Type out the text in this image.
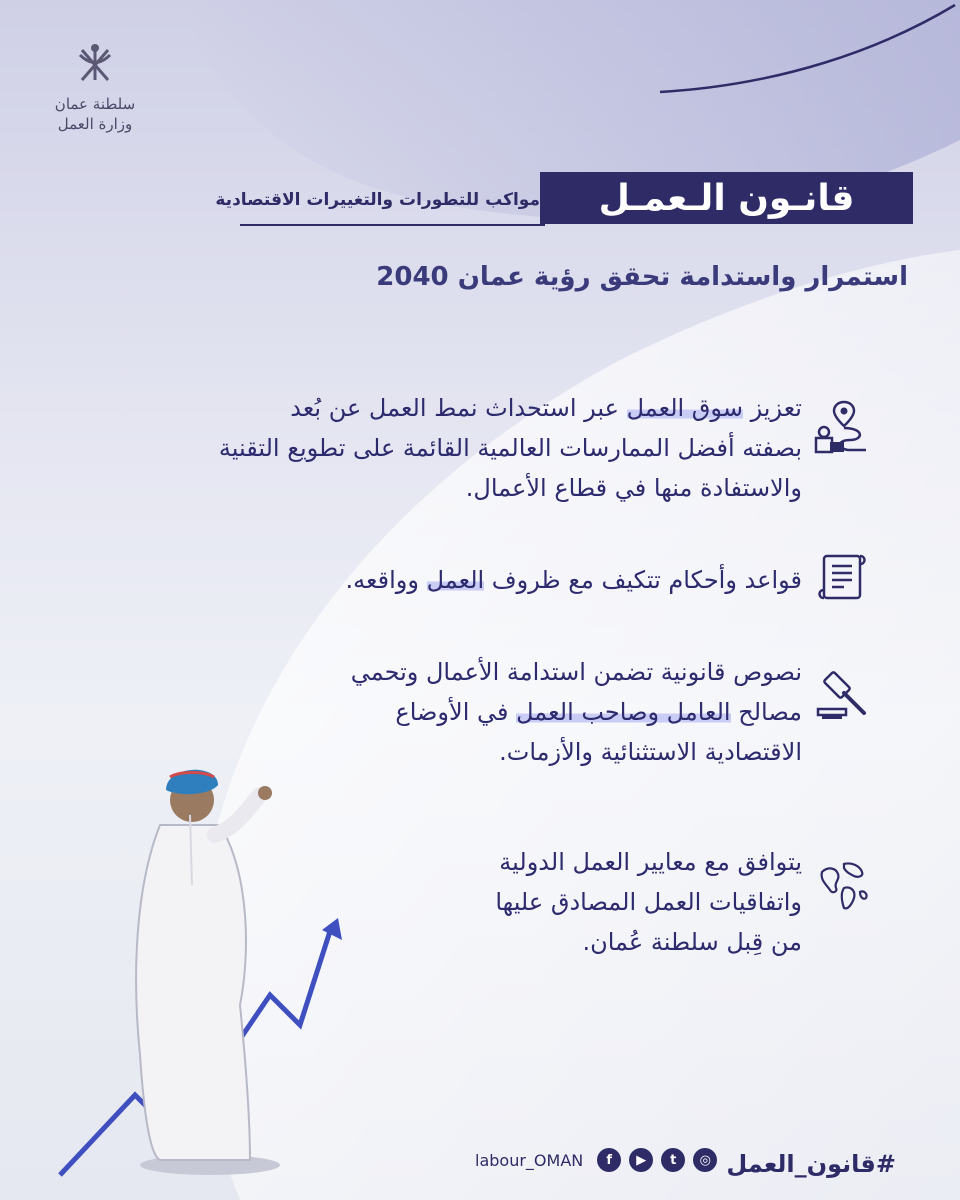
سلطنة عمان
وزارة العمل
قانـون الـعمـل
مواكب للتطورات والتغييرات الاقتصادية
استمرار واستدامة تحقق رؤية عمان 2040
تعزيز سوق العمل عبر استحداث نمط العمل عن بُعد
بصفته أفضل الممارسات العالمية القائمة على تطويع التقنية
والاستفادة منها في قطاع الأعمال.
قواعد وأحكام تتكيف مع ظروف العمل وواقعه.
نصوص قانونية تضمن استدامة الأعمال وتحمي
مصالح العامل وصاحب العمل في الأوضاع
الاقتصادية الاستثنائية والأزمات.
يتوافق مع معايير العمل الدولية
واتفاقيات العمل المصادق عليها
من قِبل سلطنة عُمان.
labour_OMAN	f	▶	t	◎ #قانون_العمل
